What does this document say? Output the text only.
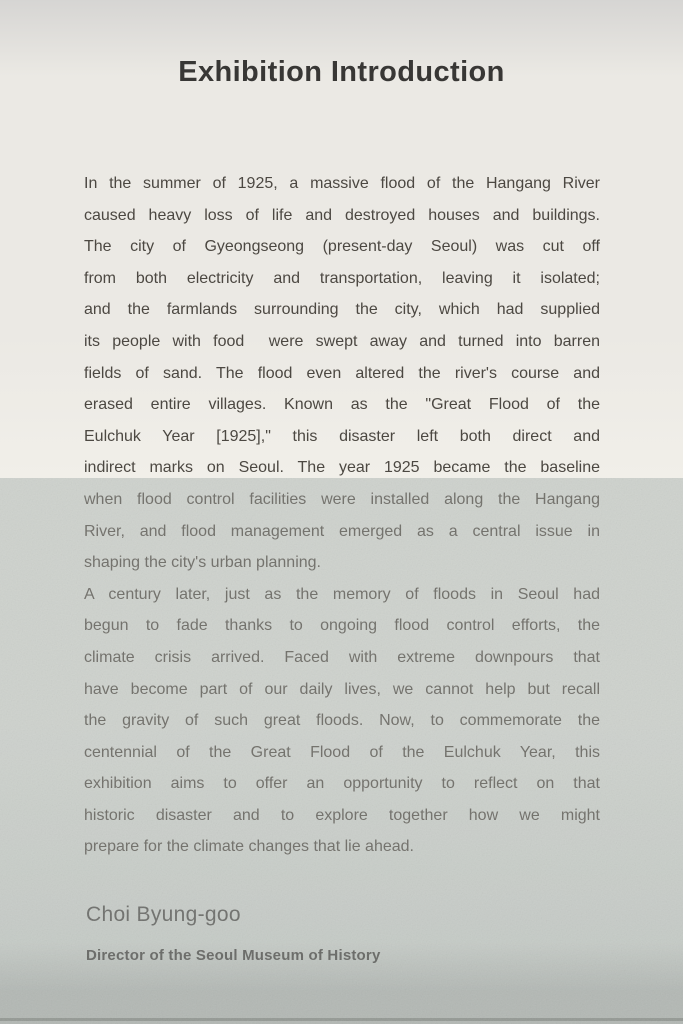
Exhibition Introduction
In the summer of 1925, a massive flood of the Hangang River
caused heavy loss of life and destroyed houses and buildings.
The city of Gyeongseong (present-day Seoul) was cut off
from both electricity and transportation, leaving it isolated;
and the farmlands surrounding the city, which had supplied
its people with food  were swept away and turned into barren
fields of sand. The flood even altered the river's course and
erased entire villages. Known as the "Great Flood of the
Eulchuk Year [1925]," this disaster left both direct and
indirect marks on Seoul. The year 1925 became the baseline
when flood control facilities were installed along the Hangang
River, and flood management emerged as a central issue in
shaping the city's urban planning.
A century later, just as the memory of floods in Seoul had
begun to fade thanks to ongoing flood control efforts, the
climate crisis arrived. Faced with extreme downpours that
have become part of our daily lives, we cannot help but recall
the gravity of such great floods. Now, to commemorate the
centennial of the Great Flood of the Eulchuk Year, this
exhibition aims to offer an opportunity to reflect on that
historic disaster and to explore together how we might
prepare for the climate changes that lie ahead.
Choi Byung-goo
Director of the Seoul Museum of History
